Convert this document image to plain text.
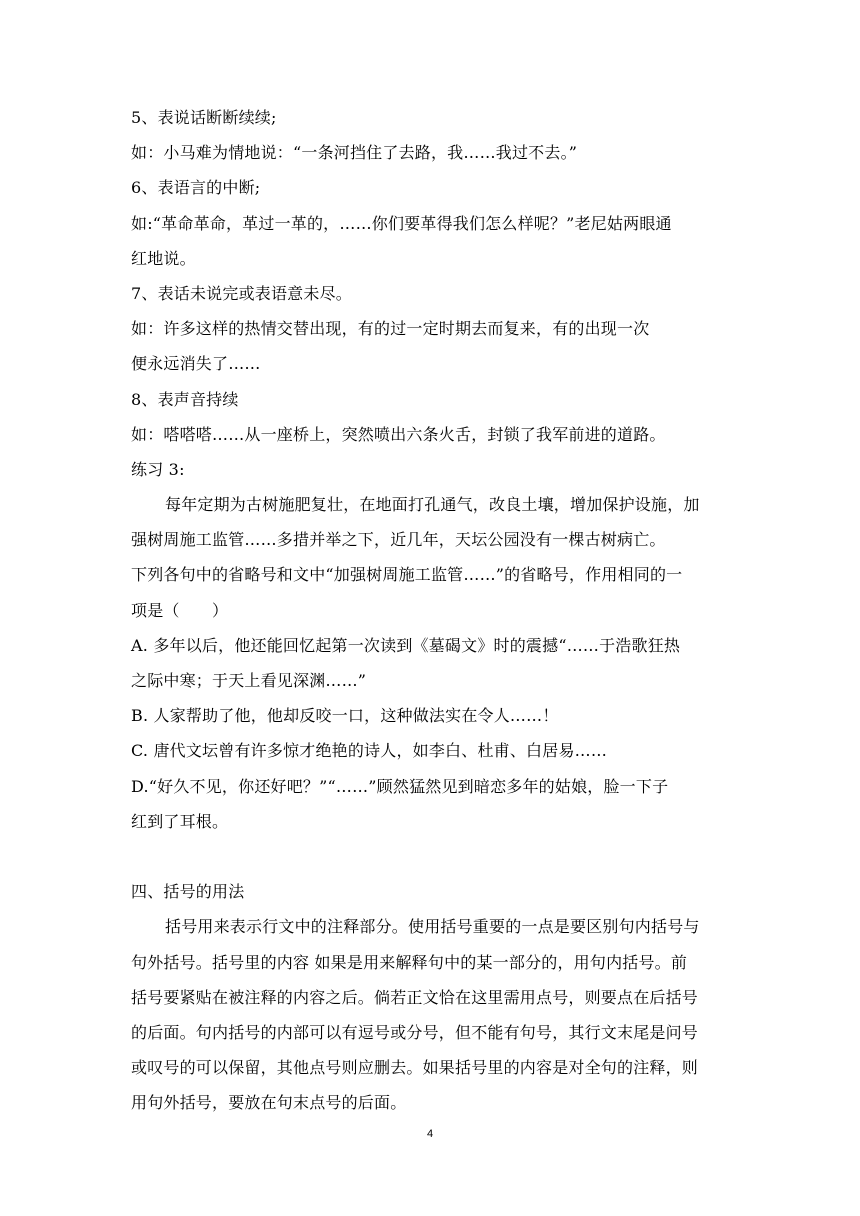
5、表说话断断续续;
如：小马难为情地说：“一条河挡住了去路，我……我过不去。”
6、表语言的中断;
如:“革命革命，革过一革的，……你们要革得我们怎么样呢？”老尼姑两眼通
红地说。
7、表话未说完或表语意未尽。
如：许多这样的热情交替出现，有的过一定时期去而复来，有的出现一次
便永远消失了……
8、表声音持续
如：嗒嗒嗒……从一座桥上，突然喷出六条火舌，封锁了我军前进的道路。
练习 3:
每年定期为古树施肥复壮，在地面打孔通气，改良土壤，增加保护设施，加
强树周施工监管……多措并举之下，近几年，天坛公园没有一棵古树病亡。
下列各句中的省略号和文中“加强树周施工监管……”的省略号，作用相同的一
项是（　　）
A. 多年以后，他还能回忆起第一次读到《墓碣文》时的震撼“……于浩歌狂热
之际中寒；于天上看见深渊……”
B. 人家帮助了他，他却反咬一口，这种做法实在令人……！
C. 唐代文坛曾有许多惊才绝艳的诗人，如李白、杜甫、白居易……
D.“好久不见，你还好吧？”“……”顾然猛然见到暗恋多年的姑娘，脸一下子
红到了耳根。
四、括号的用法
括号用来表示行文中的注释部分。使用括号重要的一点是要区别句内括号与
句外括号。括号里的内容 如果是用来解释句中的某一部分的，用句内括号。前
括号要紧贴在被注释的内容之后。倘若正文恰在这里需用点号，则要点在后括号
的后面。句内括号的内部可以有逗号或分号，但不能有句号，其行文末尾是问号
或叹号的可以保留，其他点号则应删去。如果括号里的内容是对全句的注释，则
用句外括号，要放在句末点号的后面。
4
